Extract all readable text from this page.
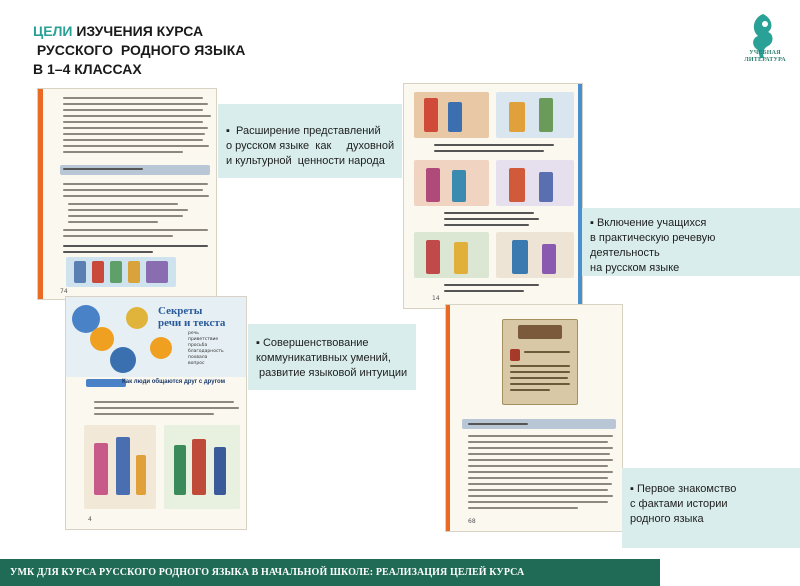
ЦЕЛИ ИЗУЧЕНИЯ КУРСА
РУССКОГО  РОДНОГО ЯЗЫКА
В 1–4 КЛАССАХ
УЧЕБНАЯ
ЛИТЕРАТУРА
74
▪  Расширение представлений
о русском языке  как     духовной
и культурной  ценности народа
14
▪ Включение учащихся
в практическую речевую
деятельность
на русском языке
Секреты
речи и текста
речь
приветствие
просьба
благодарность
похвала
вопрос
Как люди общаются друг с другом
4
▪ Совершенствование
коммуникативных умений,
развитие языковой интуиции
68
▪ Первое знакомство
с фактами истории
родного языка
УМК ДЛЯ КУРСА РУССКОГО РОДНОГО ЯЗЫКА В НАЧАЛЬНОЙ ШКОЛЕ: РЕАЛИЗАЦИЯ ЦЕЛЕЙ КУРСА
